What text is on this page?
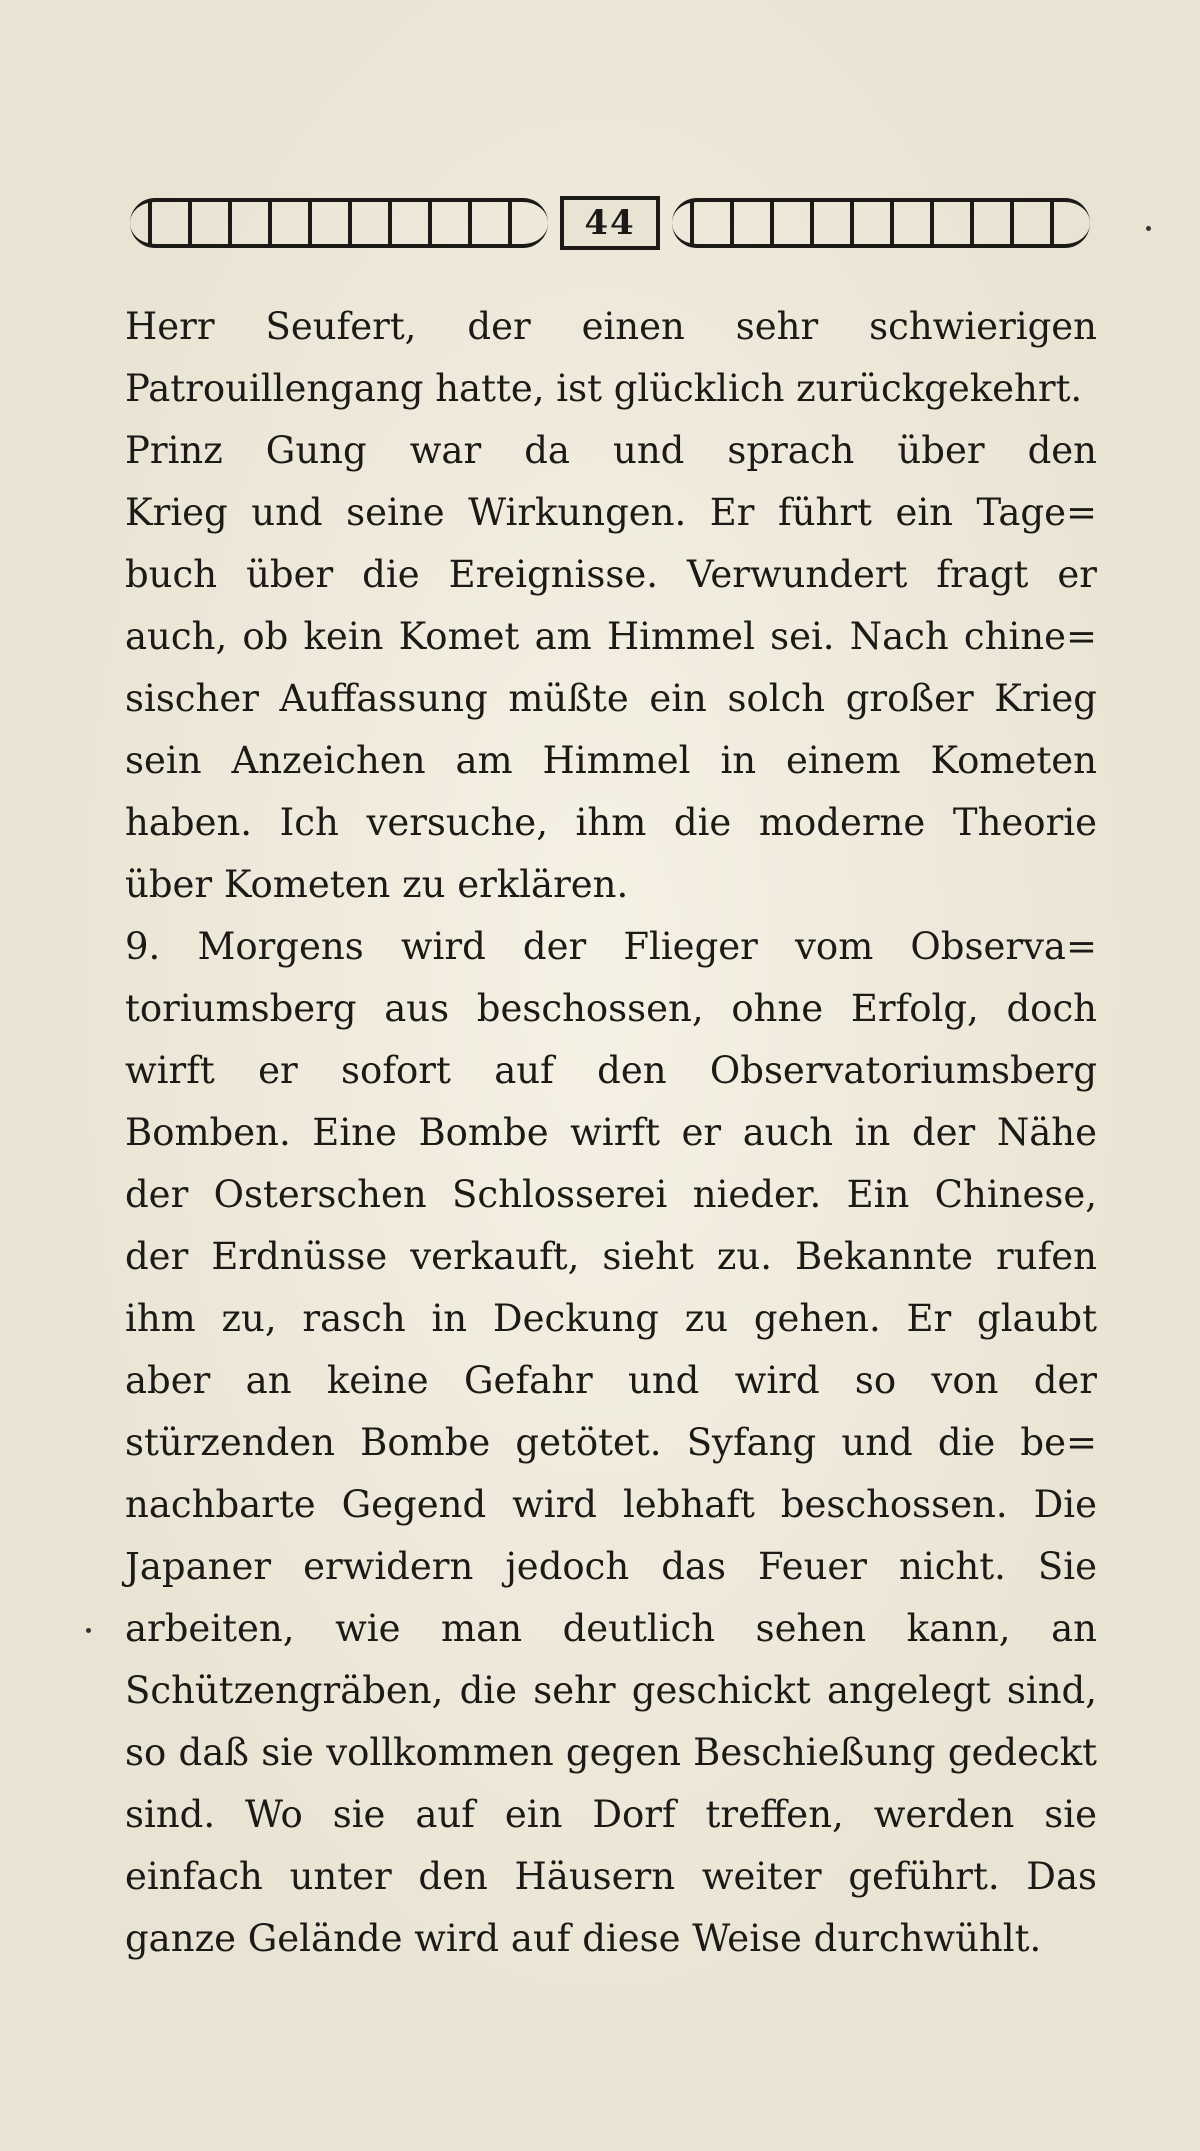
44
Herr Seufert, der einen sehr schwierigen
Patrouillengang hatte, ist glücklich zurückgekehrt.
Prinz Gung war da und sprach über den
Krieg und seine Wirkungen. Er führt ein Tage=
buch über die Ereignisse. Verwundert fragt er
auch, ob kein Komet am Himmel sei. Nach chine=
sischer Auffassung müßte ein solch großer Krieg
sein Anzeichen am Himmel in einem Kometen
haben. Ich versuche, ihm die moderne Theorie
über Kometen zu erklären.
9. Morgens wird der Flieger vom Observa=
toriumsberg aus beschossen, ohne Erfolg, doch
wirft er sofort auf den Observatoriumsberg
Bomben. Eine Bombe wirft er auch in der Nähe
der Osterschen Schlosserei nieder. Ein Chinese,
der Erdnüsse verkauft, sieht zu. Bekannte rufen
ihm zu, rasch in Deckung zu gehen. Er glaubt
aber an keine Gefahr und wird so von der
stürzenden Bombe getötet. Syfang und die be=
nachbarte Gegend wird lebhaft beschossen. Die
Japaner erwidern jedoch das Feuer nicht. Sie
arbeiten, wie man deutlich sehen kann, an
Schützengräben, die sehr geschickt angelegt sind,
so daß sie vollkommen gegen Beschießung gedeckt
sind. Wo sie auf ein Dorf treffen, werden sie
einfach unter den Häusern weiter geführt. Das
ganze Gelände wird auf diese Weise durchwühlt.
